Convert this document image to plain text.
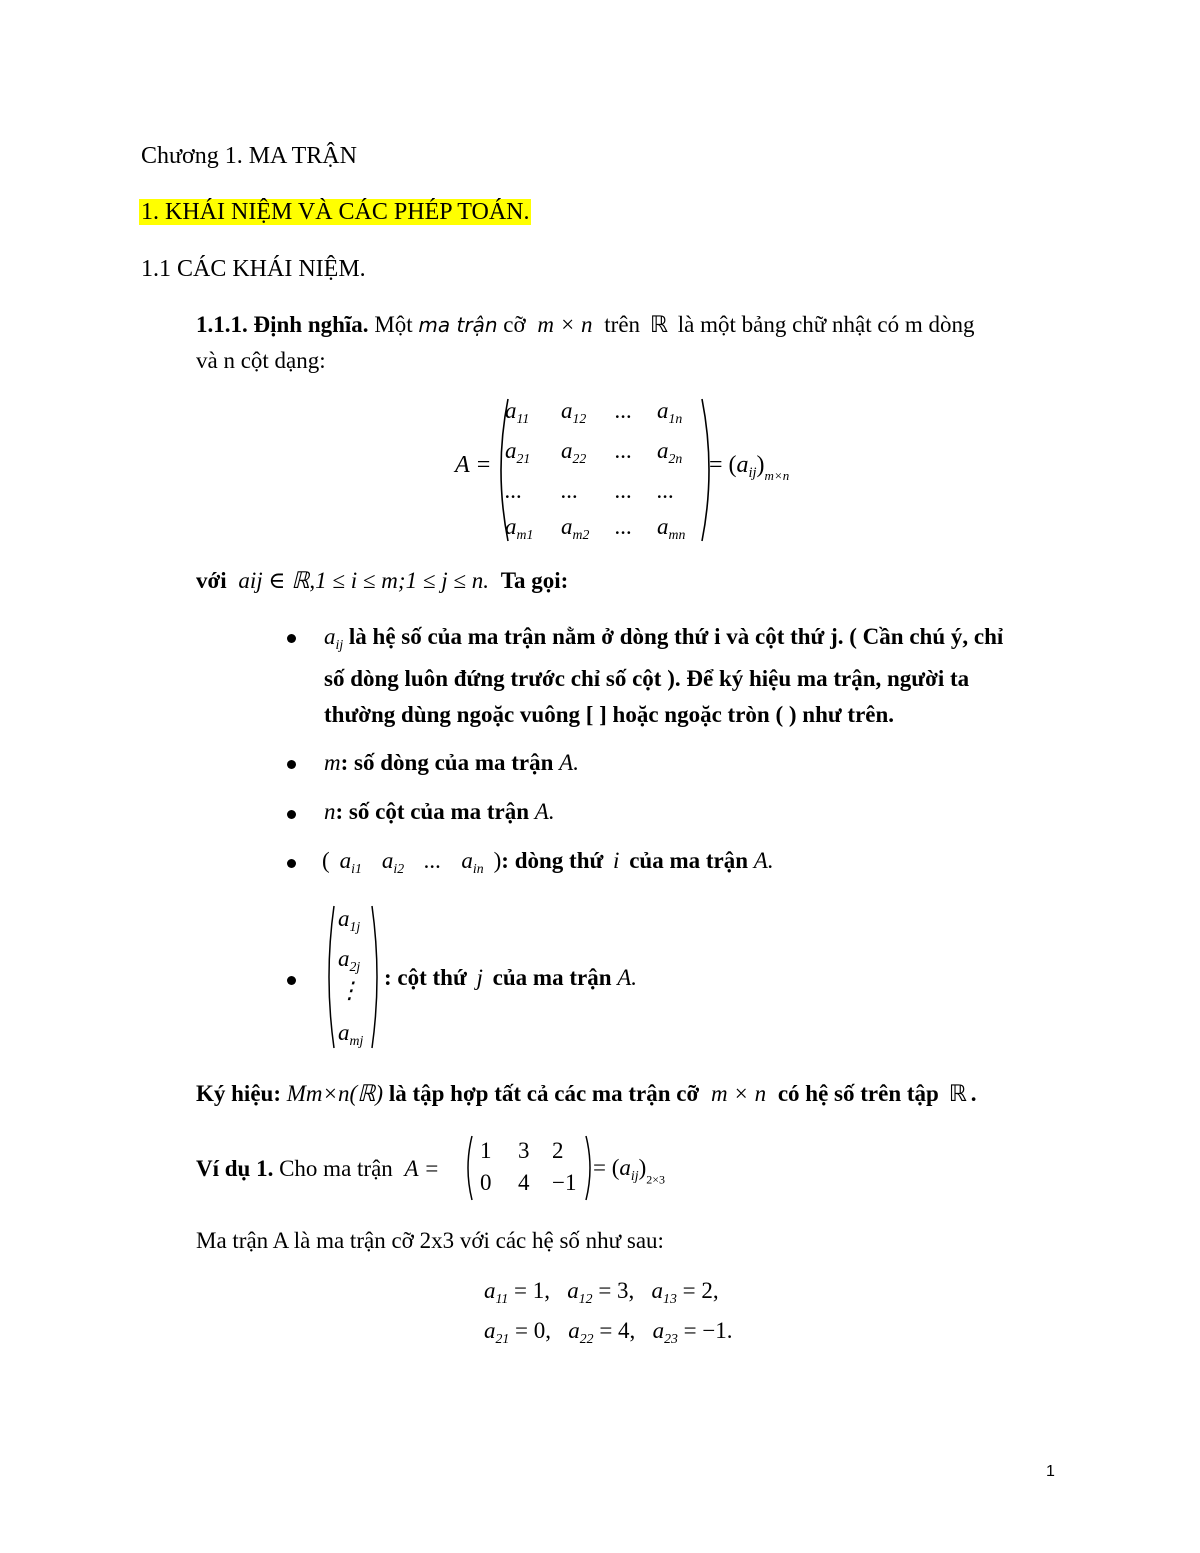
Chương 1. MA TRẬN
1. KHÁI NIỆM VÀ CÁC PHÉP TOÁN.
1.1 CÁC KHÁI NIỆM.
1.1.1. Định nghĩa. Một ma trận cỡ m × n trên ℝ là một bảng chữ nhật có m dòng
và n cột dạng:
A =
$a_{11}$ $a_{12}$ ... $a_{1n}$
$a_{21}$ $a_{22}$ ... $a_{2n}$
... ... ... ...
$a_{m1}$ $a_{m2}$ ... $a_{mn}$
= $(a_{ij})_{m\times n}$
với aij ∈ ℝ,1 ≤ i ≤ m;1 ≤ j ≤ n. Ta gọi:
$a_{ij}$ là hệ số của ma trận nằm ở dòng thứ i và cột thứ j. ( Cần chú ý, chỉ
số dòng luôn đứng trước chỉ số cột ). Để ký hiệu ma trận, người ta
thường dùng ngoặc vuông [ ] hoặc ngoặc tròn ( ) như trên.
m: số dòng của ma trận A.
n: số cột của ma trận A.
( $a_{i1}$ $a_{i2}$ ... $a_{in}$ ): dòng thứ i của ma trận A.
$a_{1j}$
$a_{2j}$
⋮
$a_{mj}$
: cột thứ j của ma trận A.
Ký hiệu: Mm×n(ℝ) là tập hợp tất cả các ma trận cỡ m × n có hệ số trên tập ℝ .
Ví dụ 1. Cho ma trận A =
1 3 2
0 4 −1
= $(a_{ij})_{2\times 3}$
Ma trận A là ma trận cỡ 2x3 với các hệ số như sau:
$a_{11} = 1$,   $a_{12} = 3$,   $a_{13} = 2$,
$a_{21} = 0$,   $a_{22} = 4$,   $a_{23} = -1$.
1
